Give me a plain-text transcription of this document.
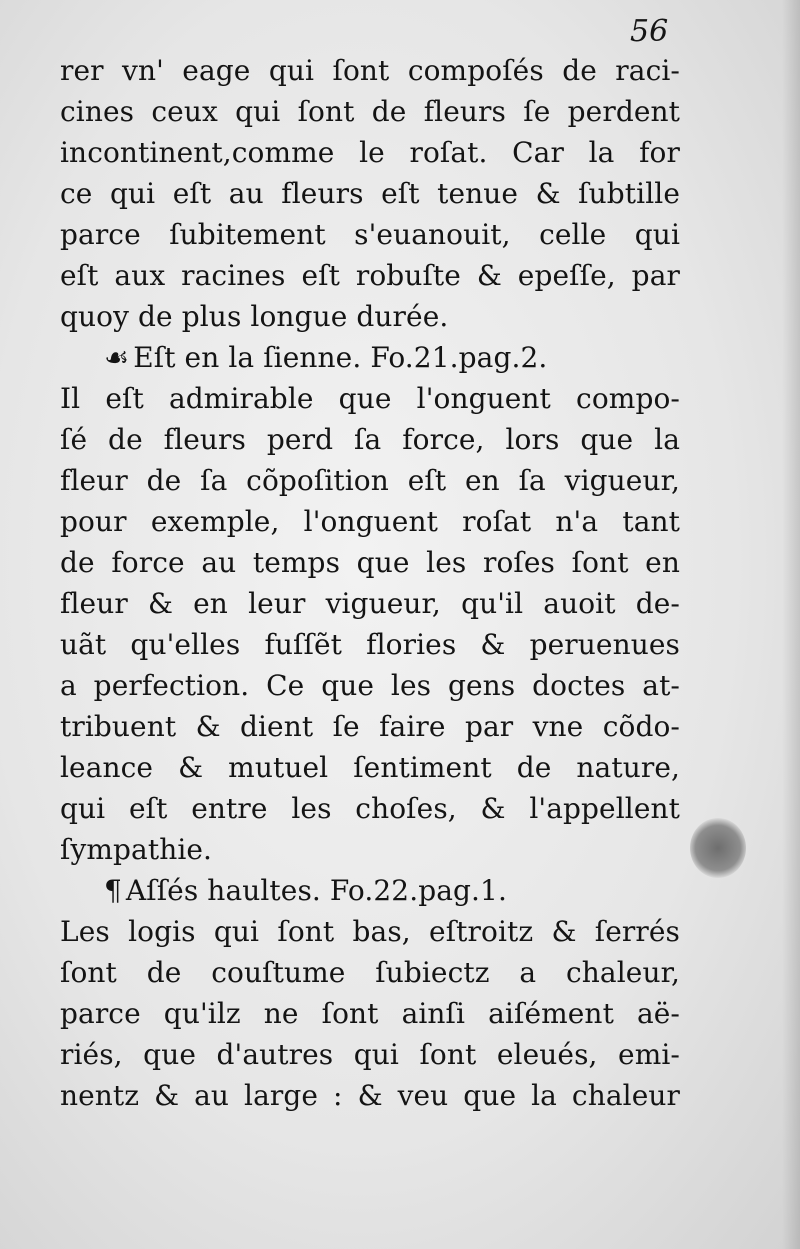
56
rer vn' eage qui ſont compoſés de raci-
cines ceux qui ſont de fleurs ſe perdent
incontinent,comme le roſat. Car la for
ce qui eſt au fleurs eſt tenue & ſubtille
parce ſubitement s'euanouit, celle qui
eſt aux racines eſt robuſte & epeſſe, par
quoy de plus longue durée.
☙ Eſt en la ſienne. Fo.21.pag.2.
Il eſt admirable que l'onguent compo-
ſé de fleurs perd ſa force, lors que la
fleur de ſa cõpoſition eſt en ſa vigueur,
pour exemple, l'onguent roſat n'a tant
de force au temps que les roſes ſont en
fleur & en leur vigueur, qu'il auoit de-
uãt qu'elles fuſſẽt flories & peruenues
a perfection. Ce que les gens doctes at-
tribuent & dient ſe faire par vne cõdo-
leance & mutuel ſentiment de nature,
qui eſt entre les choſes, & l'appellent
ſympathie.
¶ Aſſés haultes. Fo.22.pag.1.
Les logis qui ſont bas, eſtroitz & ſerrés
ſont de couſtume ſubiectz a chaleur,
parce qu'ilz ne ſont ainſi aiſément aë-
riés, que d'autres qui ſont eleués, emi-
nentz & au large : & veu que la chaleur
